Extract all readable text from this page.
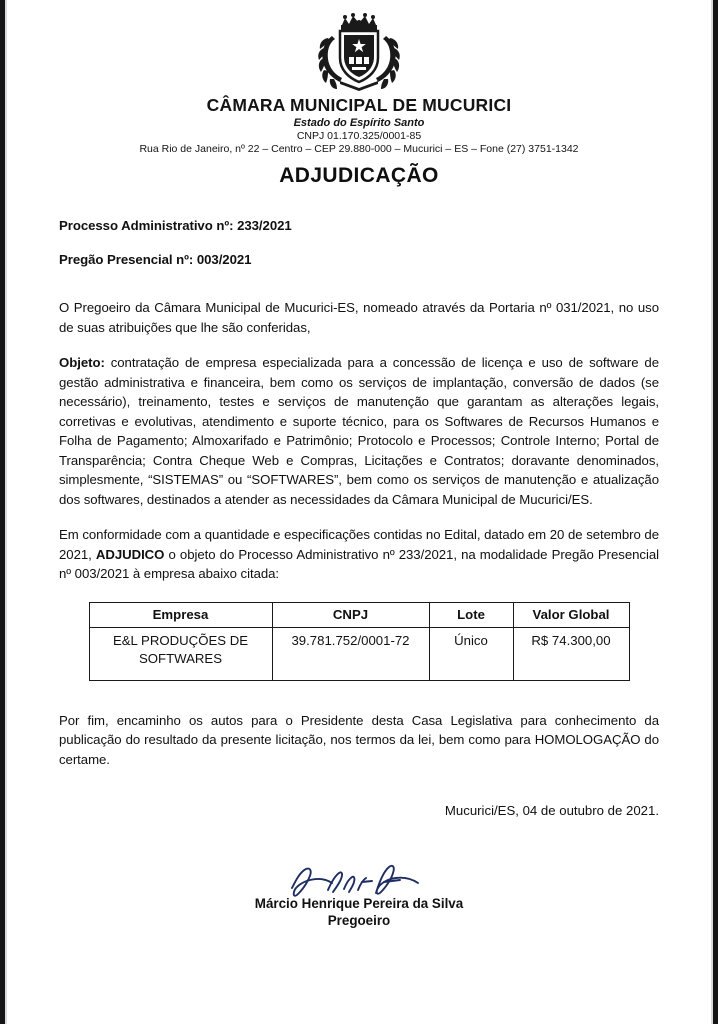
CÂMARA MUNICIPAL DE MUCURICI
Estado do Espírito Santo
CNPJ 01.170.325/0001-85
Rua Rio de Janeiro, nº 22 – Centro – CEP 29.880-000 – Mucurici – ES – Fone (27) 3751-1342
ADJUDICAÇÃO
Processo Administrativo nº: 233/2021
Pregão Presencial nº: 003/2021

O Pregoeiro da Câmara Municipal de Mucurici-ES, nomeado através da Portaria nº 031/2021, no uso de suas atribuições que lhe são conferidas,

Objeto: contratação de empresa especializada para a concessão de licença e uso de software de gestão administrativa e financeira, bem como os serviços de implantação, conversão de dados (se necessário), treinamento, testes e serviços de manutenção que garantam as alterações legais, corretivas e evolutivas, atendimento e suporte técnico, para os Softwares de Recursos Humanos e Folha de Pagamento; Almoxarifado e Patrimônio; Protocolo e Processos; Controle Interno; Portal de Transparência; Contra Cheque Web e Compras, Licitações e Contratos; doravante denominados, simplesmente, “SISTEMAS” ou “SOFTWARES”, bem como os serviços de manutenção e atualização dos softwares, destinados a atender as necessidades da Câmara Municipal de Mucurici/ES.

Em conformidade com a quantidade e especificações contidas no Edital, datado em 20 de setembro de 2021, ADJUDICO o objeto do Processo Administrativo nº 233/2021, na modalidade Pregão Presencial nº 003/2021 à empresa abaixo citada:

Empresa	CNPJ	Lote	Valor Global
E&L PRODUÇÕES DE SOFTWARES	39.781.752/0001-72	Único	R$ 74.300,00

Por fim, encaminho os autos para o Presidente desta Casa Legislativa para conhecimento da publicação do resultado da presente licitação, nos termos da lei, bem como para HOMOLOGAÇÃO do certame.

Mucurici/ES, 04 de outubro de 2021.
Márcio Henrique Pereira da Silva
Pregoeiro
